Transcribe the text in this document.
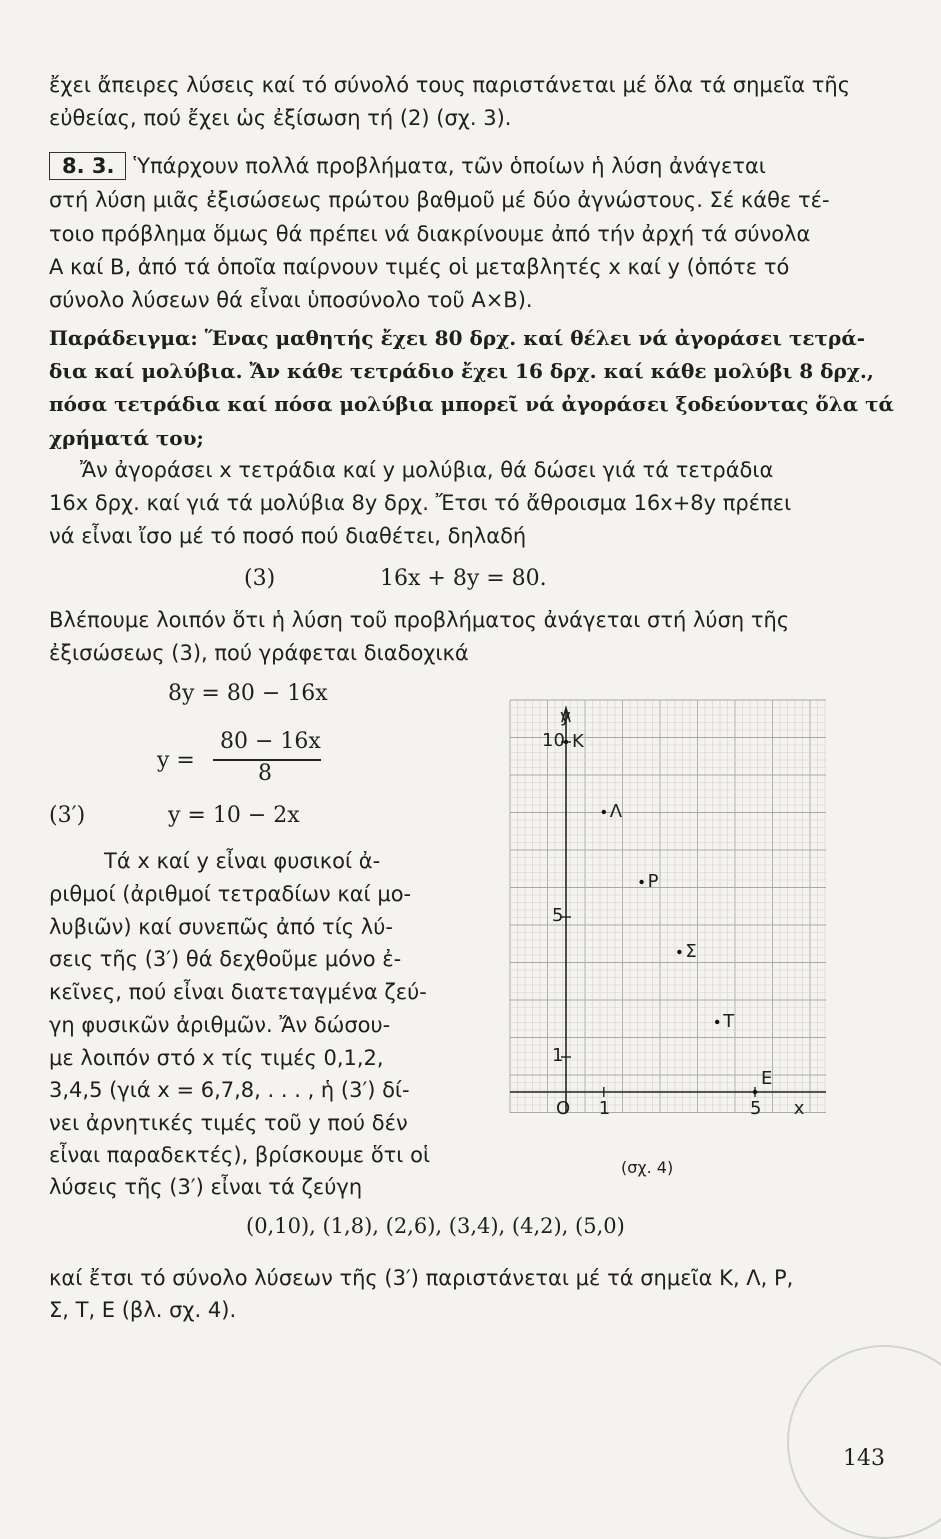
ἔχει ἄπειρες λύσεις καί τό σύνολό τους παριστάνεται μέ ὅλα τά σημεῖα τῆς
εὐθείας, πού ἔχει ὡς ἐξίσωση τή (2) (σχ. 3).
8. 3. Ὑπάρχουν πολλά προβλήματα, τῶν ὁποίων ἡ λύση ἀνάγεται
στή λύση μιᾶς ἐξισώσεως πρώτου βαθμοῦ μέ δύο ἀγνώστους. Σέ κάθε τέ-
τοιο πρόβλημα ὅμως θά πρέπει νά διακρίνουμε ἀπό τήν ἀρχή τά σύνολα
Α καί Β, ἀπό τά ὁποῖα παίρνουν τιμές οἱ μεταβλητές x καί y (ὁπότε τό
σύνολο λύσεων θά εἶναι ὑποσύνολο τοῦ Α×Β).
Παράδειγμα: Ἕνας μαθητής ἔχει 80 δρχ. καί θέλει νά ἀγοράσει τετρά-
δια καί μολύβια. Ἄν κάθε τετράδιο ἔχει 16 δρχ. καί κάθε μολύβι 8 δρχ.,
πόσα τετράδια καί πόσα μολύβια μπορεῖ νά ἀγοράσει ξοδεύοντας ὅλα τά
χρήματά του;
Ἄν ἀγοράσει x τετράδια καί y μολύβια, θά δώσει γιά τά τετράδια
16x δρχ. καί γιά τά μολύβια 8y δρχ. Ἔτσι τό ἄθροισμα 16x+8y πρέπει
νά εἶναι ἴσο μέ τό ποσό πού διαθέτει, δηλαδή
(3)	16x + 8y = 80.
Βλέπουμε λοιπόν ὅτι ἡ λύση τοῦ προβλήματος ἀνάγεται στή λύση τῆς
ἐξισώσεως (3), πού γράφεται διαδοχικά
8y = 80 − 16x
y =
80 − 16x
8
(3′)	y = 10 − 2x
Τά x καί y εἶναι φυσικοί ἀ-
ριθμοί (ἀριθμοί τετραδίων καί μο-
λυβιῶν) καί συνεπῶς ἀπό τίς λύ-
σεις τῆς (3′) θά δεχθοῦμε μόνο ἐ-
κεῖνες, πού εἶναι διατεταγμένα ζεύ-
γη φυσικῶν ἀριθμῶν. Ἄν δώσου-
με λοιπόν στό x τίς τιμές 0,1,2,
3,4,5 (γιά x = 6,7,8, . . . , ἡ (3′) δί-
νει ἀρνητικές τιμές τοῦ y πού δέν
εἶναι παραδεκτές), βρίσκουμε ὅτι οἱ
λύσεις τῆς (3′) εἶναι τά ζεύγη
y
x
O 1	5
1
5
10 Κ
Λ
Ρ
Σ
Τ
Ε
(σχ. 4)
(0,10), (1,8), (2,6), (3,4), (4,2), (5,0)
καί ἔτσι τό σύνολο λύσεων τῆς (3′) παριστάνεται μέ τά σημεῖα Κ, Λ, Ρ,
Σ, Τ, Ε (βλ. σχ. 4).
143
